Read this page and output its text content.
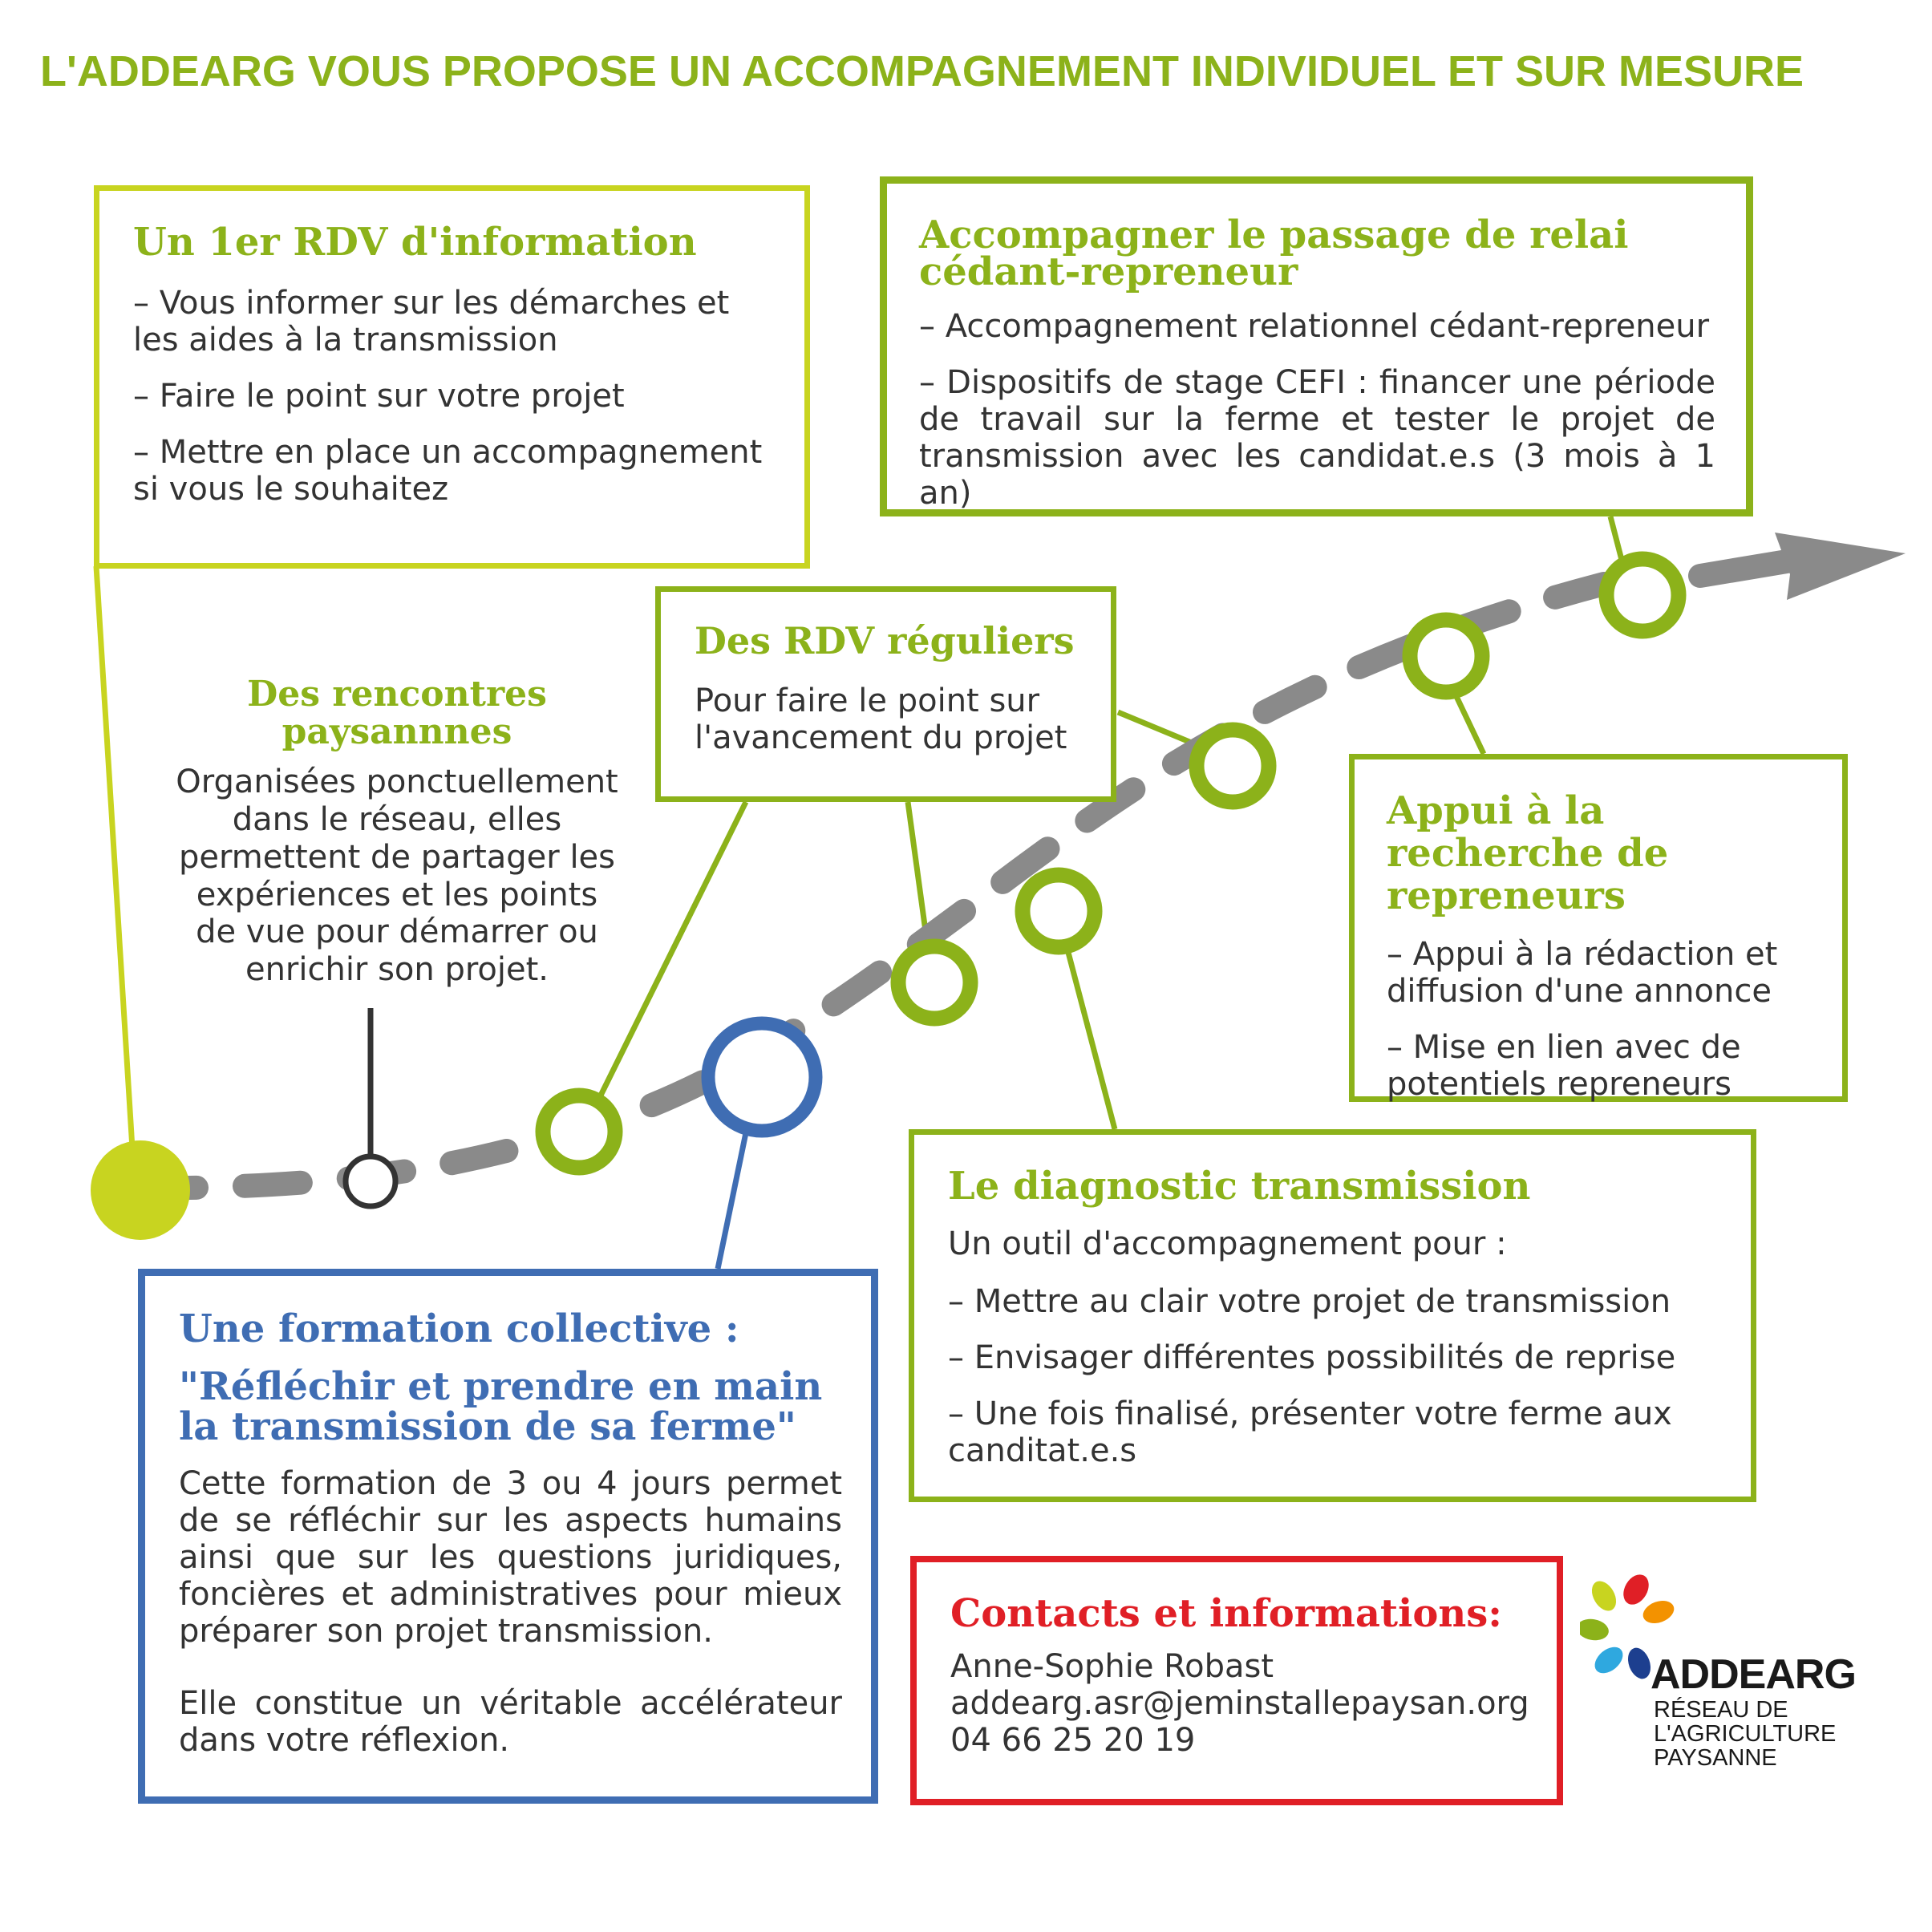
L'ADDEARG VOUS PROPOSE UN ACCOMPAGNEMENT INDIVIDUEL ET SUR MESURE
Un 1er RDV d'information

– Vous informer sur les démarches et les aides à la transmission

– Faire le point sur votre projet

– Mettre en place un accompagnement si vous le souhaitez

Accompagner le passage de relai cédant-repreneur

– Accompagnement relationnel cédant-repreneur

– Dispositifs de stage CEFI : financer une période de travail sur la ferme et tester le projet de transmission avec les candidat.e.s (3 mois à 1 an)

Des rencontres paysannnes

Organisées ponctuellement dans le réseau, elles permettent de partager les expériences et les points de vue pour démarrer ou enrichir son projet.

Des RDV réguliers

Pour faire le point sur l'avancement du projet

Appui à la recherche de repreneurs

– Appui à la rédaction et diffusion d'une annonce

– Mise en lien avec de potentiels repreneurs

Le diagnostic transmission

Un outil d'accompagnement pour :

– Mettre au clair votre projet de transmission

– Envisager différentes possibilités de reprise

– Une fois finalisé, présenter votre ferme aux canditat.e.s

Une formation collective :
"Réfléchir et prendre en main la transmission de sa ferme"

Cette formation de 3 ou 4 jours permet de se réfléchir sur les aspects humains ainsi que sur les questions juridiques, foncières et administratives pour mieux préparer son projet transmission.

Elle constitue un véritable accélérateur dans votre réflexion.

Contacts et informations:

Anne-Sophie Robast

addearg.asr@jeminstallepaysan.org

04 66 25 20 19

ADDEARG
RÉSEAU DE
L'AGRICULTURE
PAYSANNE
